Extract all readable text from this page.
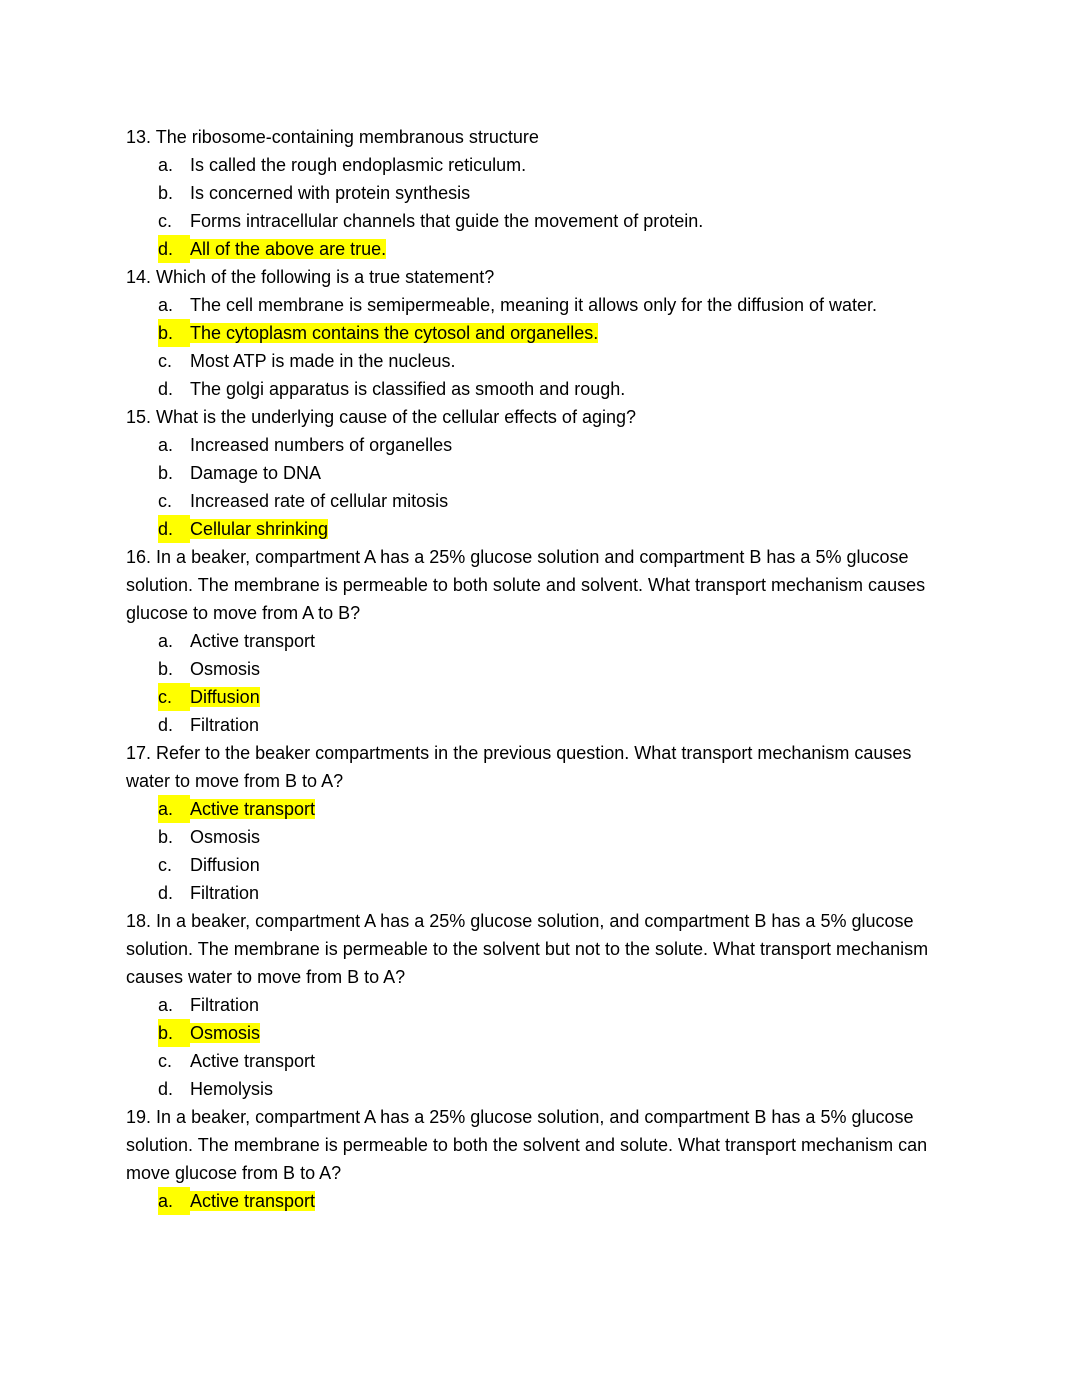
13. The ribosome-containing membranous structure
a. Is called the rough endoplasmic reticulum.
b. Is concerned with protein synthesis
c. Forms intracellular channels that guide the movement of protein.
d. All of the above are true.
14. Which of the following is a true statement?
a. The cell membrane is semipermeable, meaning it allows only for the diffusion of water.
b. The cytoplasm contains the cytosol and organelles.
c. Most ATP is made in the nucleus.
d. The golgi apparatus is classified as smooth and rough.
15. What is the underlying cause of the cellular effects of aging?
a. Increased numbers of organelles
b. Damage to DNA
c. Increased rate of cellular mitosis
d. Cellular shrinking
16. In a beaker, compartment A has a 25% glucose solution and compartment B has a 5% glucose solution. The membrane is permeable to both solute and solvent. What transport mechanism causes glucose to move from A to B?
a. Active transport
b. Osmosis
c. Diffusion
d. Filtration
17. Refer to the beaker compartments in the previous question. What transport mechanism causes water to move from B to A?
a. Active transport
b. Osmosis
c. Diffusion
d. Filtration
18. In a beaker, compartment A has a 25% glucose solution, and compartment B has a 5% glucose solution. The membrane is permeable to the solvent but not to the solute. What transport mechanism causes water to move from B to A?
a. Filtration
b. Osmosis
c. Active transport
d. Hemolysis
19. In a beaker, compartment A has a 25% glucose solution, and compartment B has a 5% glucose solution. The membrane is permeable to both the solvent and solute. What transport mechanism can move glucose from B to A?
a. Active transport
